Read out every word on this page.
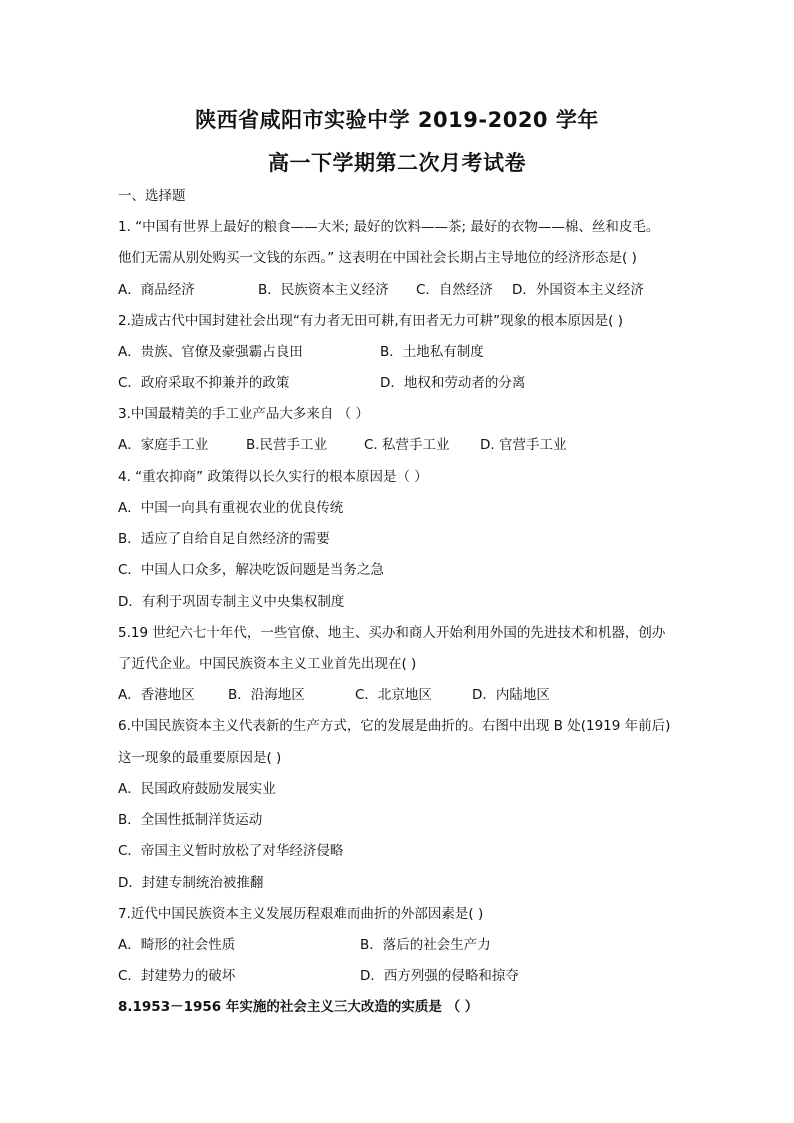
陕西省咸阳市实验中学 2019-2020 学年
高一下学期第二次月考试卷
一、选择题
1. “中国有世界上最好的粮食——大米; 最好的饮料——茶; 最好的衣物——棉、丝和皮毛。
他们无需从别处购买一文钱的东西。” 这表明在中国社会长期占主导地位的经济形态是( )
A．商品经济	B．民族资本主义经济 C．自然经济 D．外国资本主义经济
2.造成古代中国封建社会出现“有力者无田可耕,有田者无力可耕”现象的根本原因是( )
A．贵族、官僚及豪强霸占良田	B．土地私有制度
C．政府采取不抑兼并的政策	D．地权和劳动者的分离
3.中国最精美的手工业产品大多来自 （ ）
A．家庭手工业	B.民营手工业	C. 私营手工业 D. 官营手工业
4. “重农抑商” 政策得以长久实行的根本原因是（ ）
A．中国一向具有重视农业的优良传统
B．适应了自给自足自然经济的需要
C．中国人口众多，解决吃饭问题是当务之急
D．有利于巩固专制主义中央集权制度
5.19 世纪六七十年代，一些官僚、地主、买办和商人开始利用外国的先进技术和机器，创办
了近代企业。中国民族资本主义工业首先出现在( )
A．香港地区 B．沿海地区	C．北京地区	D．内陆地区
6.中国民族资本主义代表新的生产方式，它的发展是曲折的。右图中出现 B 处(1919 年前后)
这一现象的最重要原因是( )
A．民国政府鼓励发展实业
B．全国性抵制洋货运动
C．帝国主义暂时放松了对华经济侵略
D．封建专制统治被推翻
7.近代中国民族资本主义发展历程艰难而曲折的外部因素是( )
A．畸形的社会性质	B．落后的社会生产力
C．封建势力的破坏	D．西方列强的侵略和掠夺
8.1953－1956 年实施的社会主义三大改造的实质是 （ ）
